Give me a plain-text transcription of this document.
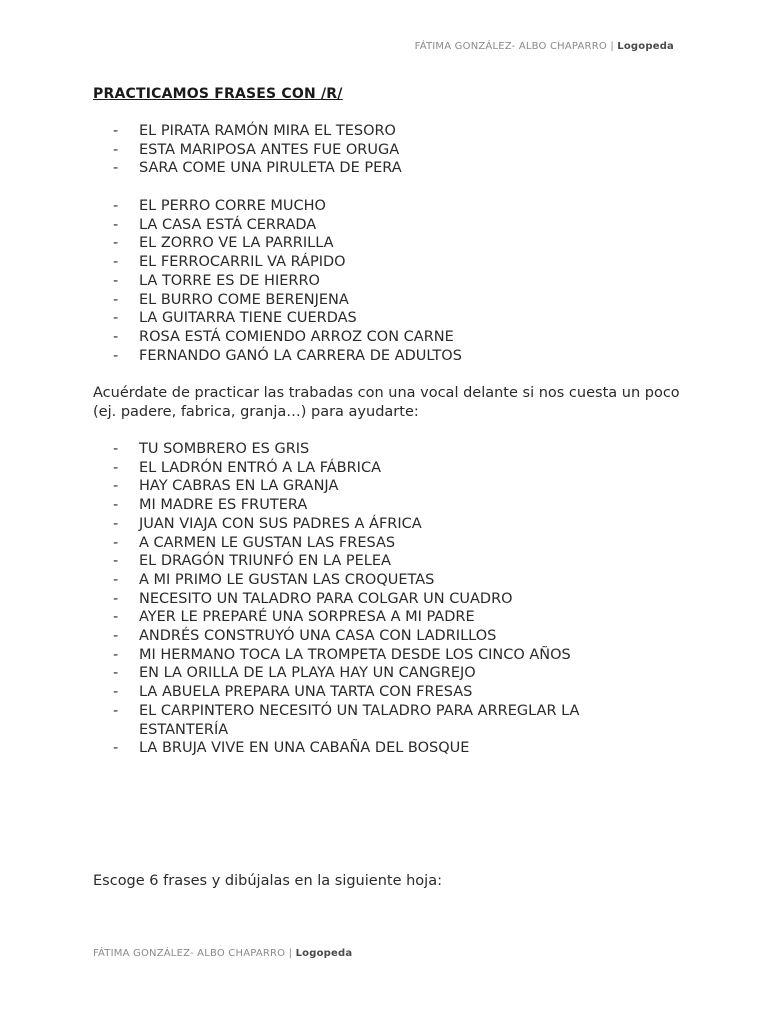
FÁTIMA GONZÁLEZ- ALBO CHAPARRO | Logopeda
PRACTICAMOS FRASES CON /R/
-	EL PIRATA RAMÓN MIRA EL TESORO
-	ESTA MARIPOSA ANTES FUE ORUGA
-	SARA COME UNA PIRULETA DE PERA
-	EL PERRO CORRE MUCHO
-	LA CASA ESTÁ CERRADA
-	EL ZORRO VE LA PARRILLA
-	EL FERROCARRIL VA RÁPIDO
-	LA TORRE ES DE HIERRO
-	EL BURRO COME BERENJENA
-	LA GUITARRA TIENE CUERDAS
-	ROSA ESTÁ COMIENDO ARROZ CON CARNE
-	FERNANDO GANÓ LA CARRERA DE ADULTOS

Acuérdate de practicar las trabadas con una vocal delante si nos cuesta un poco (ej. padere, fabrica, granja…) para ayudarte:

-	TU SOMBRERO ES GRIS
-	EL LADRÓN ENTRÓ A LA FÁBRICA
-	HAY CABRAS EN LA GRANJA
-	MI MADRE ES FRUTERA
-	JUAN VIAJA CON SUS PADRES A ÁFRICA
-	A CARMEN LE GUSTAN LAS FRESAS
-	EL DRAGÓN TRIUNFÓ EN LA PELEA
-	A MI PRIMO LE GUSTAN LAS CROQUETAS
-	NECESITO UN TALADRO PARA COLGAR UN CUADRO
-	AYER LE PREPARÉ UNA SORPRESA A MI PADRE
-	ANDRÉS CONSTRUYÓ UNA CASA CON LADRILLOS
-	MI HERMANO TOCA LA TROMPETA DESDE LOS CINCO AÑOS
-	EN LA ORILLA DE LA PLAYA HAY UN CANGREJO
-	LA ABUELA PREPARA UNA TARTA CON FRESAS
-	EL CARPINTERO NECESITÓ UN TALADRO PARA ARREGLAR LA ESTANTERÍA
-	LA BRUJA VIVE EN UNA CABAÑA DEL BOSQUE

Escoge 6 frases y dibújalas en la siguiente hoja:

FÁTIMA GONZÁLEZ- ALBO CHAPARRO | Logopeda
